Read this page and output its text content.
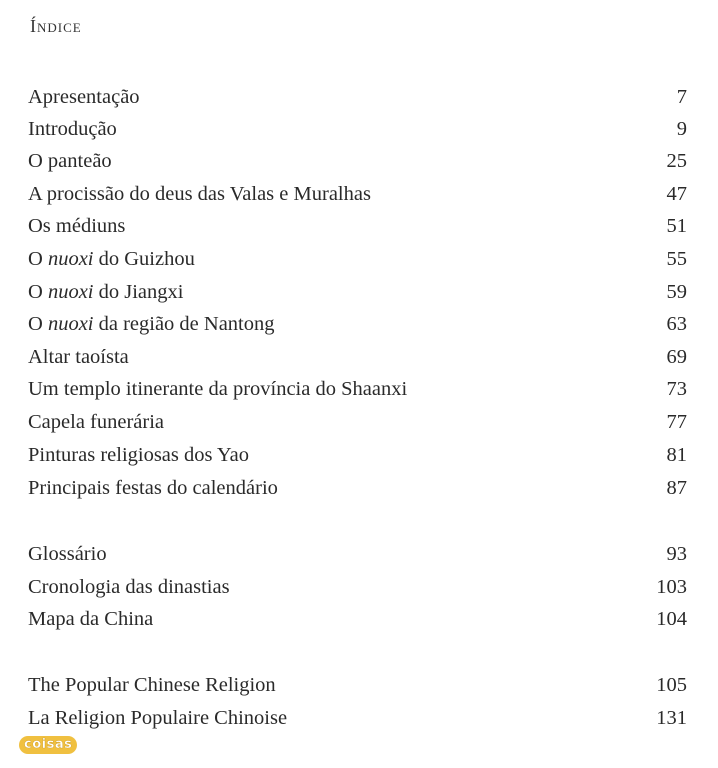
Índice
Apresentação	7
Introdução	9
O panteão	25
A procissão do deus das Valas e Muralhas	47
Os médiuns	51
O nuoxi do Guizhou	55
O nuoxi do Jiangxi	59
O nuoxi da região de Nantong	63
Altar taoísta	69
Um templo itinerante da província do Shaanxi	73
Capela funerária	77
Pinturas religiosas dos Yao	81
Principais festas do calendário	87
Glossário	93
Cronologia das dinastias	103
Mapa da China	104
The Popular Chinese Religion	105
La Religion Populaire Chinoise	131
coisas
